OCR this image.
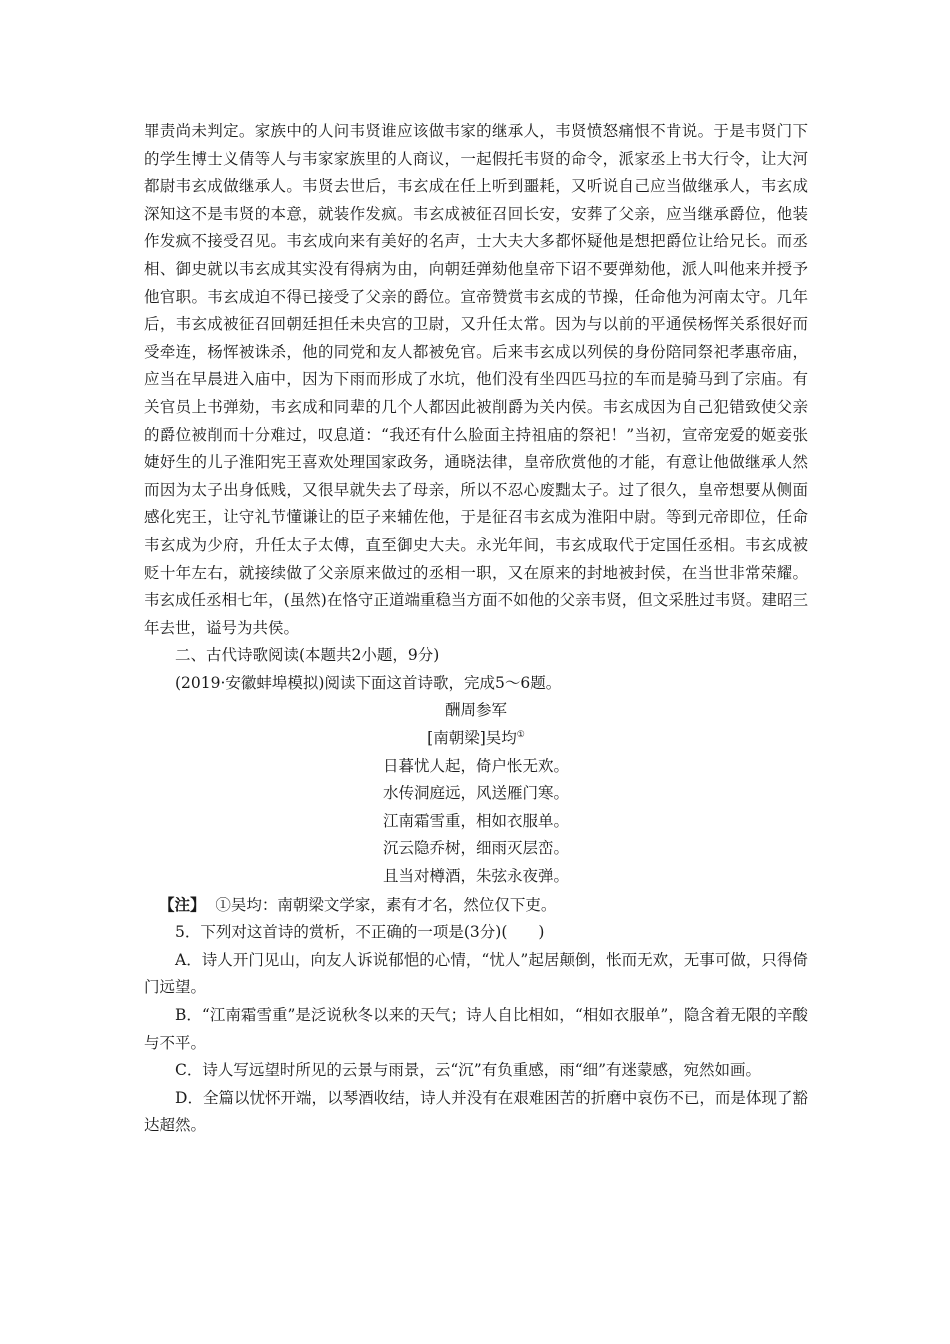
罪责尚未判定。家族中的人问韦贤谁应该做韦家的继承人，韦贤愤怒痛恨不肯说。于是韦贤门下的学生博士义倩等人与韦家家族里的人商议，一起假托韦贤的命令，派家丞上书大行令，让大河都尉韦玄成做继承人。韦贤去世后，韦玄成在任上听到噩耗，又听说自己应当做继承人，韦玄成深知这不是韦贤的本意，就装作发疯。韦玄成被征召回长安，安葬了父亲，应当继承爵位，他装作发疯不接受召见。韦玄成向来有美好的名声，士大夫大多都怀疑他是想把爵位让给兄长。而丞相、御史就以韦玄成其实没有得病为由，向朝廷弹劾他皇帝下诏不要弹劾他，派人叫他来并授予他官职。韦玄成迫不得已接受了父亲的爵位。宣帝赞赏韦玄成的节操，任命他为河南太守。几年后，韦玄成被征召回朝廷担任未央宫的卫尉，又升任太常。因为与以前的平通侯杨恽关系很好而受牵连，杨恽被诛杀，他的同党和友人都被免官。后来韦玄成以列侯的身份陪同祭祀孝惠帝庙，应当在早晨进入庙中，因为下雨而形成了水坑，他们没有坐四匹马拉的车而是骑马到了宗庙。有关官员上书弹劾，韦玄成和同辈的几个人都因此被削爵为关内侯。韦玄成因为自己犯错致使父亲的爵位被削而十分难过，叹息道：“我还有什么脸面主持祖庙的祭祀！”当初，宣帝宠爱的姬妾张婕妤生的儿子淮阳宪王喜欢处理国家政务，通晓法律，皇帝欣赏他的才能，有意让他做继承人然而因为太子出身低贱，又很早就失去了母亲，所以不忍心废黜太子。过了很久，皇帝想要从侧面感化宪王，让守礼节懂谦让的臣子来辅佐他，于是征召韦玄成为淮阳中尉。等到元帝即位，任命韦玄成为少府，升任太子太傅，直至御史大夫。永光年间，韦玄成取代于定国任丞相。韦玄成被贬十年左右，就接续做了父亲原来做过的丞相一职，又在原来的封地被封侯，在当世非常荣耀。韦玄成任丞相七年，(虽然)在恪守正道端重稳当方面不如他的父亲韦贤，但文采胜过韦贤。建昭三年去世，谥号为共侯。

二、古代诗歌阅读(本题共2小题，9分)

(2019·安徽蚌埠模拟)阅读下面这首诗歌，完成5～6题。

酬周参军

[南朝梁]吴均①

日暮忧人起，倚户怅无欢。

水传洞庭远，风送雁门寒。

江南霜雪重，相如衣服单。

沉云隐乔树，细雨灭层峦。

且当对樽酒，朱弦永夜弹。

【注】 ①吴均：南朝梁文学家，素有才名，然位仅下吏。

5．下列对这首诗的赏析，不正确的一项是(3分)(　　)

A．诗人开门见山，向友人诉说郁悒的心情，“忧人”起居颠倒，怅而无欢，无事可做，只得倚门远望。

B．“江南霜雪重”是泛说秋冬以来的天气；诗人自比相如，“相如衣服单”，隐含着无限的辛酸与不平。

C．诗人写远望时所见的云景与雨景，云“沉”有负重感，雨“细”有迷蒙感，宛然如画。

D．全篇以忧怀开端，以琴酒收结，诗人并没有在艰难困苦的折磨中哀伤不已，而是体现了豁达超然。
